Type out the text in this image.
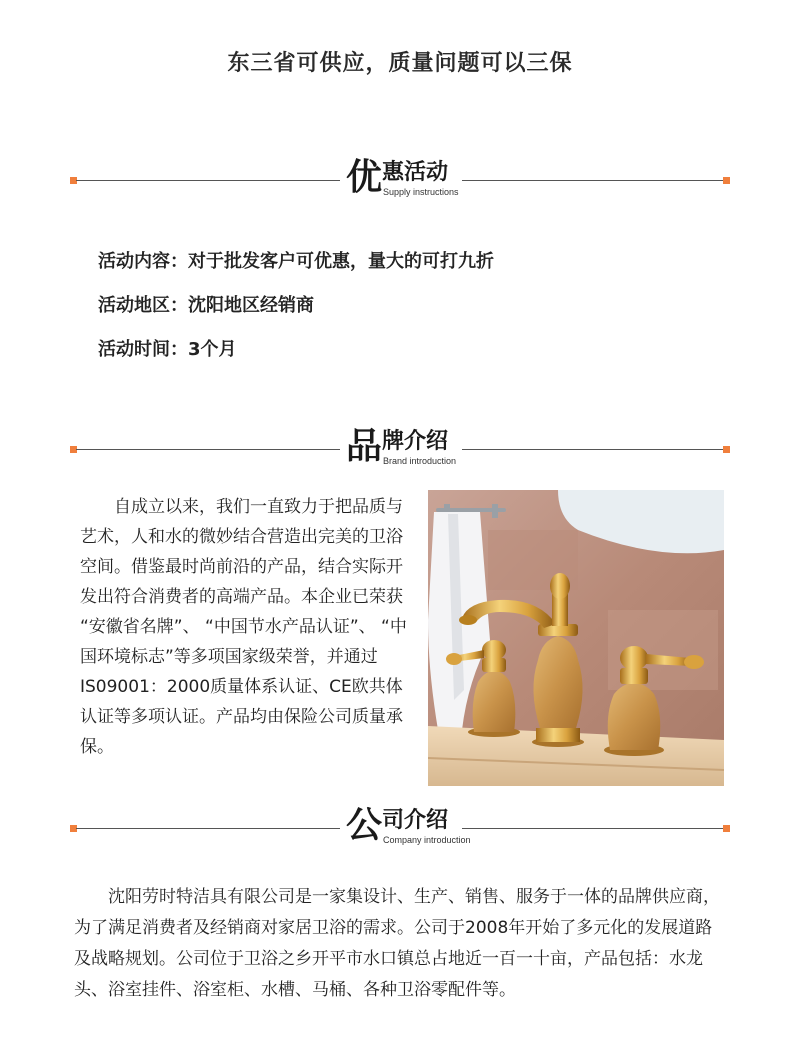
东三省可供应，质量问题可以三保
优 惠活动
Supply instructions
活动内容：对于批发客户可优惠，量大的可打九折
活动地区：沈阳地区经销商
活动时间：3个月
品 牌介绍
Brand introduction

自成立以来，我们一直致力于把品质与艺术，人和水的微妙结合营造出完美的卫浴空间。借鉴最时尚前沿的产品，结合实际开发出符合消费者的高端产品。本企业已荣获 “安徽省名牌”、 “中国节水产品认证”、 “中国环境标志”等多项国家级荣誉，并通过IS09001：2000质量体系认证、CE欧共体认证等多项认证。产品均由保险公司质量承保。

公 司介绍
Company introduction

沈阳劳时特洁具有限公司是一家集设计、生产、销售、服务于一体的品牌供应商，为了满足消费者及经销商对家居卫浴的需求。公司于2008年开始了多元化的发展道路及战略规划。公司位于卫浴之乡开平市水口镇总占地近一百一十亩，产品包括：水龙头、浴室挂件、浴室柜、水槽、马桶、各种卫浴零配件等。
